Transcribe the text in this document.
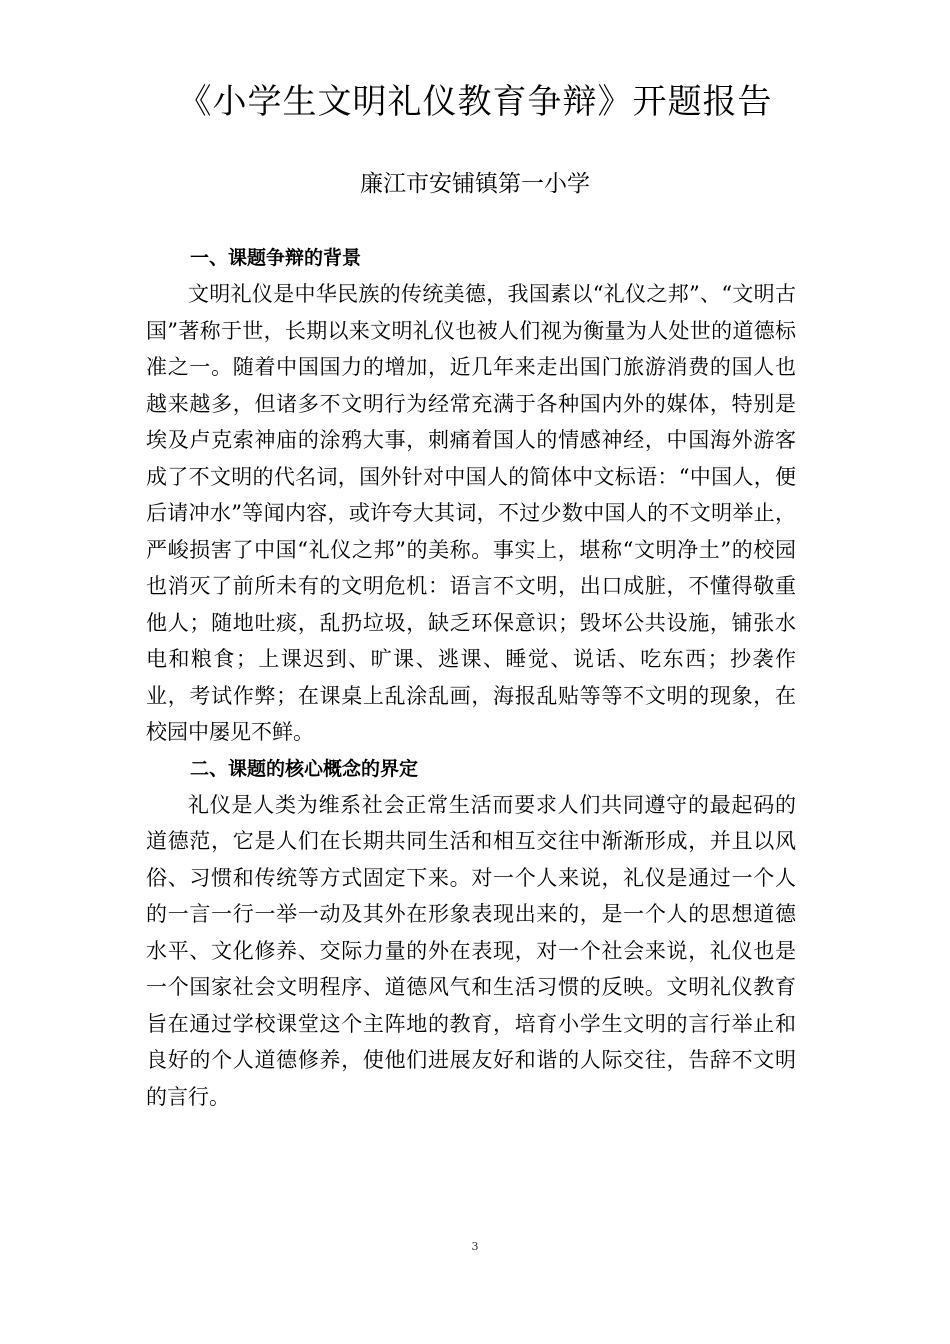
《小学生文明礼仪教育争辩》开题报告
廉江市安铺镇第一小学
一、课题争辩的背景

文明礼仪是中华民族的传统美德，我国素以“礼仪之邦”、“文明古国”著称于世，长期以来文明礼仪也被人们视为衡量为人处世的道德标准之一。随着中国国力的增加，近几年来走出国门旅游消费的国人也越来越多，但诸多不文明行为经常充满于各种国内外的媒体，特别是埃及卢克索神庙的涂鸦大事，刺痛着国人的情感神经，中国海外游客成了不文明的代名词，国外针对中国人的简体中文标语：“中国人，便后请冲水”等闻内容，或许夸大其词，不过少数中国人的不文明举止，严峻损害了中国“礼仪之邦”的美称。事实上，堪称“文明净土”的校园也消灭了前所未有的文明危机：语言不文明，出口成脏，不懂得敬重他人；随地吐痰，乱扔垃圾，缺乏环保意识；毁坏公共设施，铺张水电和粮食；上课迟到、旷课、逃课、睡觉、说话、吃东西；抄袭作业，考试作弊；在课桌上乱涂乱画，海报乱贴等等不文明的现象，在校园中屡见不鲜。

二、课题的核心概念的界定

礼仪是人类为维系社会正常生活而要求人们共同遵守的最起码的道德范，它是人们在长期共同生活和相互交往中渐渐形成，并且以风俗、习惯和传统等方式固定下来。对一个人来说，礼仪是通过一个人的一言一行一举一动及其外在形象表现出来的，是一个人的思想道德水平、文化修养、交际力量的外在表现，对一个社会来说，礼仪也是一个国家社会文明程序、道德风气和生活习惯的反映。文明礼仪教育旨在通过学校课堂这个主阵地的教育，培育小学生文明的言行举止和良好的个人道德修养，使他们进展友好和谐的人际交往，告辞不文明的言行。

3
